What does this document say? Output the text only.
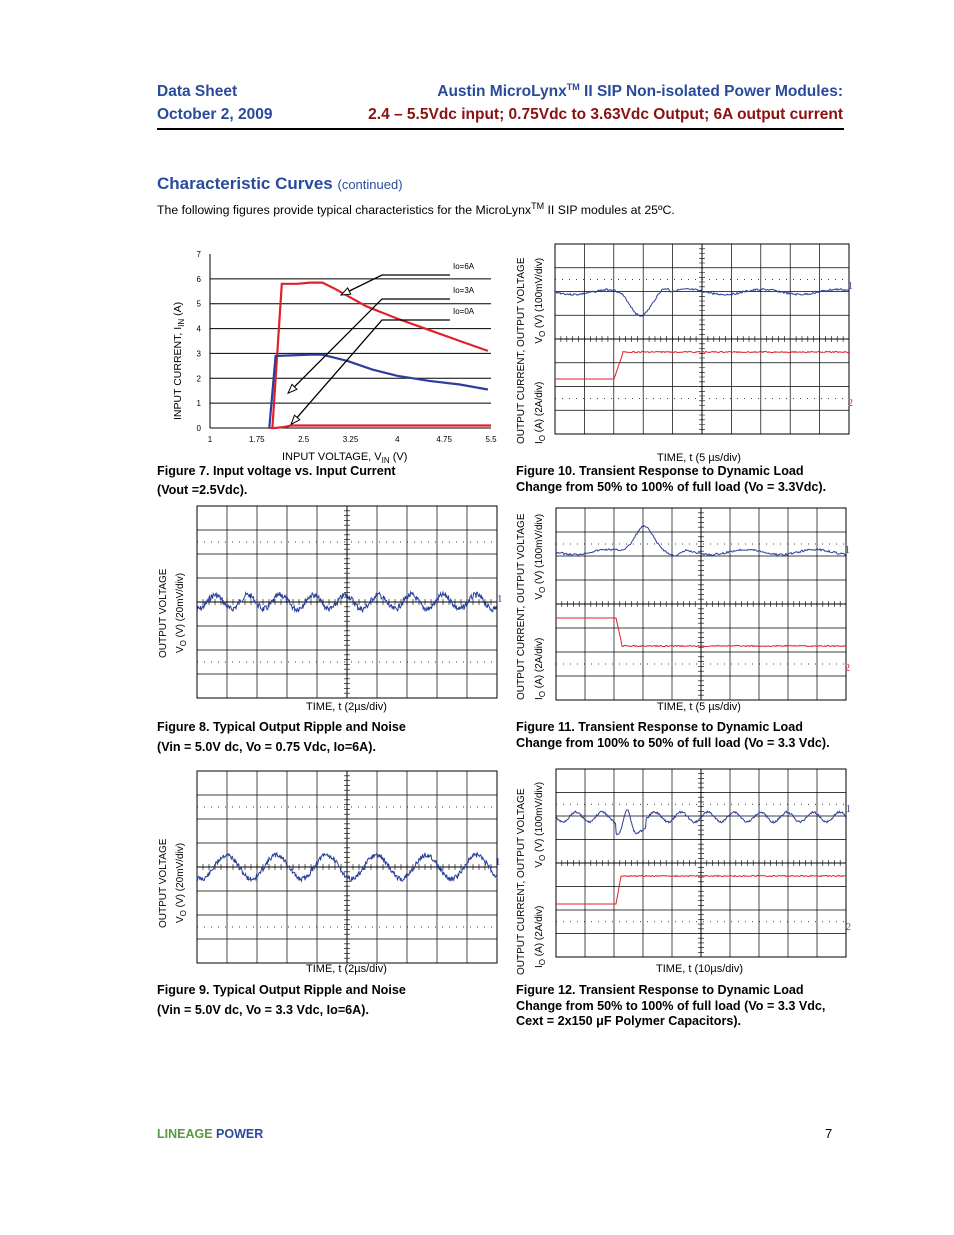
Data Sheet
October 2, 2009
Austin MicroLynx™ II SIP Non-isolated Power Modules:
2.4 – 5.5Vdc input; 0.75Vdc to 3.63Vdc Output; 6A output current
Characteristic Curves (continued)
The following figures provide typical characteristics for the MicroLynx™ II SIP modules at 25ºC.
0
1
2
3
4
5
6
7
1	1.75	2.5	3.25	4	4.75	5.5
Io=6A
Io=3A
Io=0A
INPUT CURRENT, $I_{IN}$ (A)
INPUT VOLTAGE, $V_{IN}$ (V)
Figure 7. Input voltage vs. Input Current
(Vout =2.5Vdc).
OUTPUT CURRENT, OUTPUT VOLTAGE $I_O$ (A) $(2A/div)V_O$ (V) (100mV/div)
TIME, t (5 µs/div)
1
2
Figure 10. Transient Response to Dynamic Load
Change from 50% to 100% of full load (Vo = 3.3Vdc).
OUTPUT VOLTAGE $V_O$ (V) (20mV/div)	1
TIME, t (2µs/div)
Figure 8. Typical Output Ripple and Noise
(Vin = 5.0V dc, Vo = 0.75 Vdc, Io=6A).
OUTPUT CURRENT, OUTPUT VOLTAGE $I_O$ (A) $(2A/div)V_O$ (V) (100mV/div)
TIME, t (5 µs/div)
1
2
Figure 11. Transient Response to Dynamic Load
Change from 100% to 50% of full load (Vo = 3.3 Vdc).
OUTPUT VOLTAGE $V_O$ (V) (20mV/div)	1
TIME, t (2µs/div)
Figure 9. Typical Output Ripple and Noise
(Vin = 5.0V dc, Vo = 3.3 Vdc, Io=6A).
OUTPUT CURRENT, OUTPUT VOLTAGE $I_O$ (A) $(2A/div)V_O$ (V) (100mV/div)
TIME, t (10µs/div)
1
2
Figure 12. Transient Response to Dynamic Load
Change from 50% to 100% of full load (Vo = 3.3 Vdc,
Cext = 2x150 μF Polymer Capacitors).
LINEAGE POWER	7
